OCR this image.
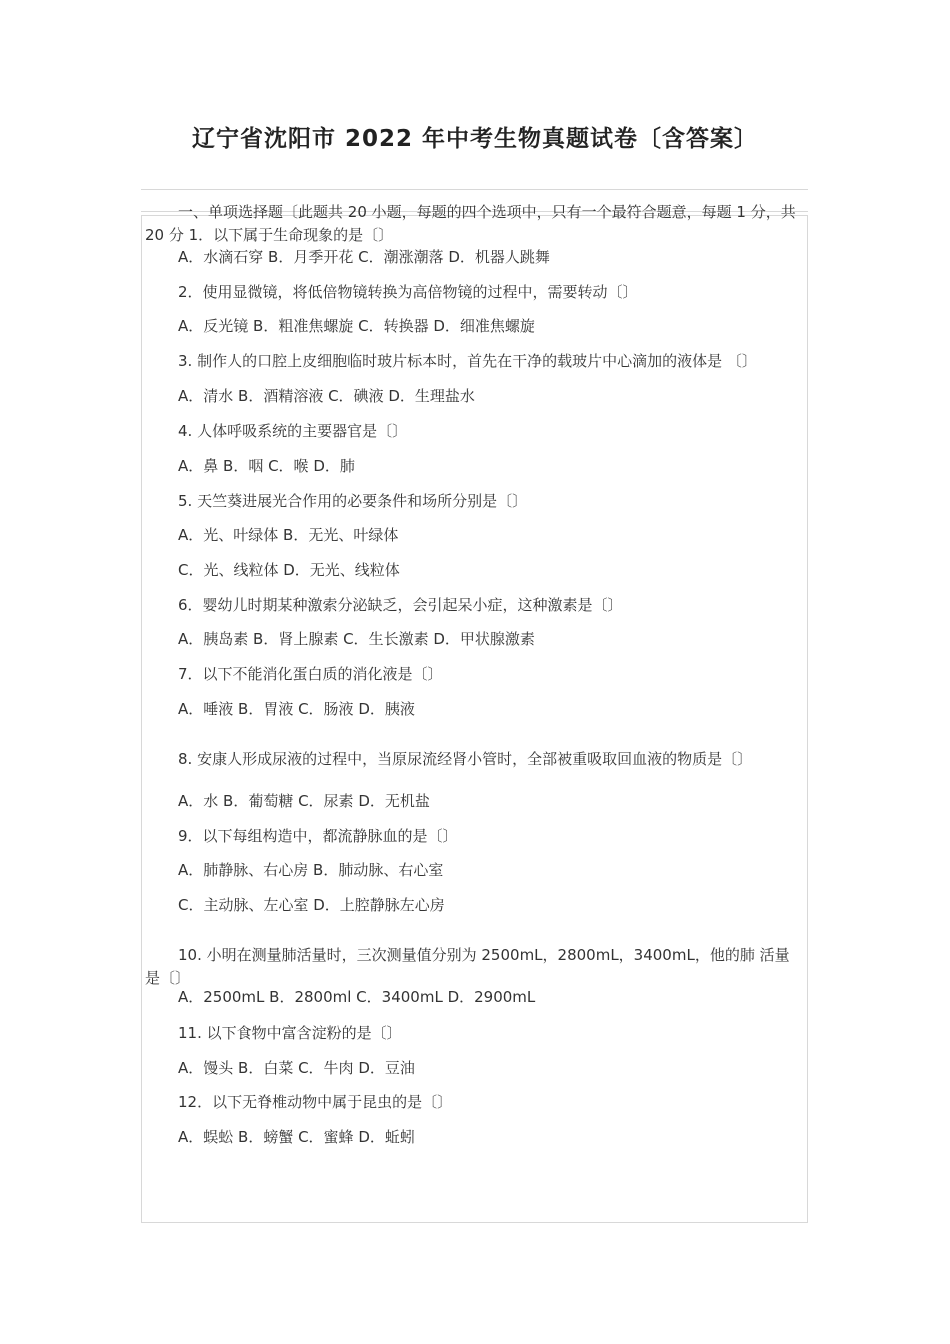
辽宁省沈阳市 2022 年中考生物真题试卷〔含答案〕

一、单项选择题〔此题共 20 小题，每题的四个选项中，只有一个最符合题意，每题 1 分，共 20 分 1．以下属于生命现象的是〔〕

A．水滴石穿 B．月季开花 C．潮涨潮落 D．机器人跳舞
2．使用显微镜，将低倍物镜转换为高倍物镜的过程中，需要转动〔〕
A．反光镜 B．粗准焦螺旋 C．转换器 D．细准焦螺旋
3. 制作人的口腔上皮细胞临时玻片标本时，首先在干净的载玻片中心滴加的液体是 〔〕
A．清水 B．酒精溶液 C．碘液 D．生理盐水
4. 人体呼吸系统的主要器官是〔〕
A．鼻 B．咽 C．喉 D．肺
5. 天竺葵进展光合作用的必要条件和场所分别是〔〕
A．光、叶绿体 B．无光、叶绿体
C．光、线粒体 D．无光、线粒体
6．婴幼儿时期某种激索分泌缺乏，会引起呆小症，这种激素是〔〕
A．胰岛素 B．肾上腺素 C．生长激素 D．甲状腺激素
7．以下不能消化蛋白质的消化液是〔〕
A．唾液 B．胃液 C．肠液 D．胰液

8. 安康人形成尿液的过程中，当原尿流经肾小管时，全部被重吸取回血液的物质是〔〕

A．水 B．葡萄糖 C．尿素 D．无机盐
9．以下每组构造中，都流静脉血的是〔〕
A．肺静脉、右心房 B．肺动脉、右心室
C．主动脉、左心室 D．上腔静脉左心房

10. 小明在测量肺活量时，三次测量值分别为 2500mL，2800mL，3400mL，他的肺 活量是〔〕

A．2500mL B．2800ml C．3400mL D．2900mL
11. 以下食物中富含淀粉的是〔〕
A．馒头 B．白菜 C．牛肉 D．豆油
12．以下无脊椎动物中属于昆虫的是〔〕
A．蜈蚣 B．螃蟹 C．蜜蜂 D．蚯蚓
